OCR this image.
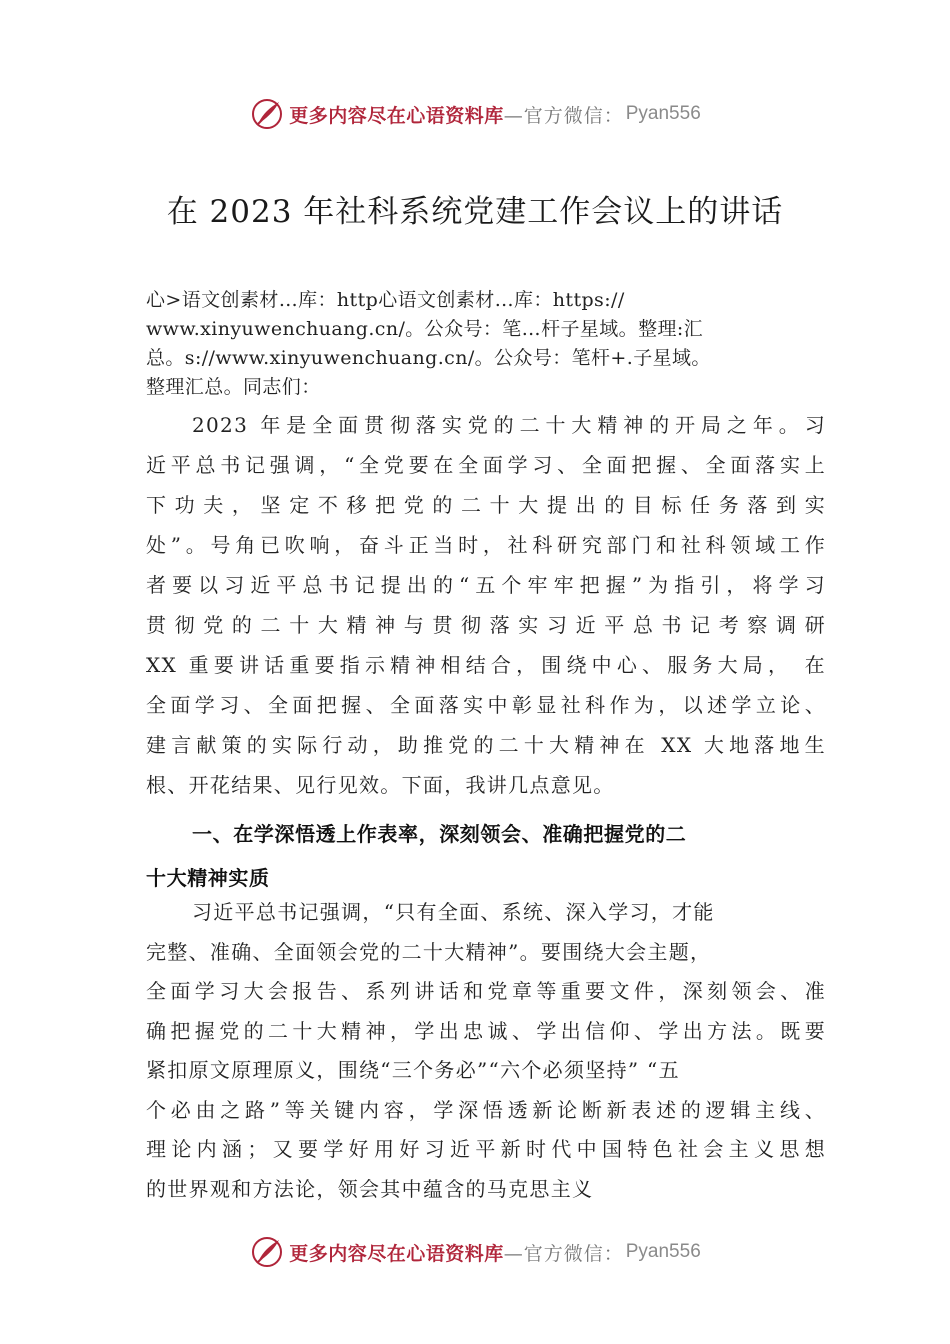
更多内容尽在心语资料库 —官方微信： Pyan556
在 2023 年社科系统党建工作会议上的讲话
心>语文创素材…库：http心语文创素材…库：https://
www.xinyuwenchuang.cn/。公众号：笔…杆子星域。整理:汇
总。s://www.xinyuwenchuang.cn/。公众号：笔杆+.子星域。
整理汇总。同志们：
2023 年是全面贯彻落实党的二十大精神的开局之年。习
近平总书记强调，“全党要在全面学习、全面把握、全面落实上
下功夫，坚定不移把党的二十大提出的目标任务落到实
处”。号角已吹响，奋斗正当时，社科研究部门和社科领域工作
者要以习近平总书记提出的“五个牢牢把握”为指引，将学习
贯彻党的二十大精神与贯彻落实习近平总书记考察调研
XX 重要讲话重要指示精神相结合，围绕中心、服务大局， 在
全面学习、全面把握、全面落实中彰显社科作为，以述学立论、
建言献策的实际行动，助推党的二十大精神在 XX 大地落地生
根、开花结果、见行见效。下面，我讲几点意见。
一、在学深悟透上作表率，深刻领会、准确把握党的二
十大精神实质
习近平总书记强调，“只有全面、系统、深入学习，才能
完整、准确、全面领会党的二十大精神”。要围绕大会主题，
全面学习大会报告、系列讲话和党章等重要文件，深刻领会、准
确把握党的二十大精神，学出忠诚、学出信仰、学出方法。既要
紧扣原文原理原义，围绕“三个务必”“六个必须坚持” “五
个必由之路”等关键内容，学深悟透新论断新表述的逻辑主线、
理论内涵；又要学好用好习近平新时代中国特色社会主义思想
的世界观和方法论，领会其中蕴含的马克思主义
更多内容尽在心语资料库 —官方微信： Pyan556
